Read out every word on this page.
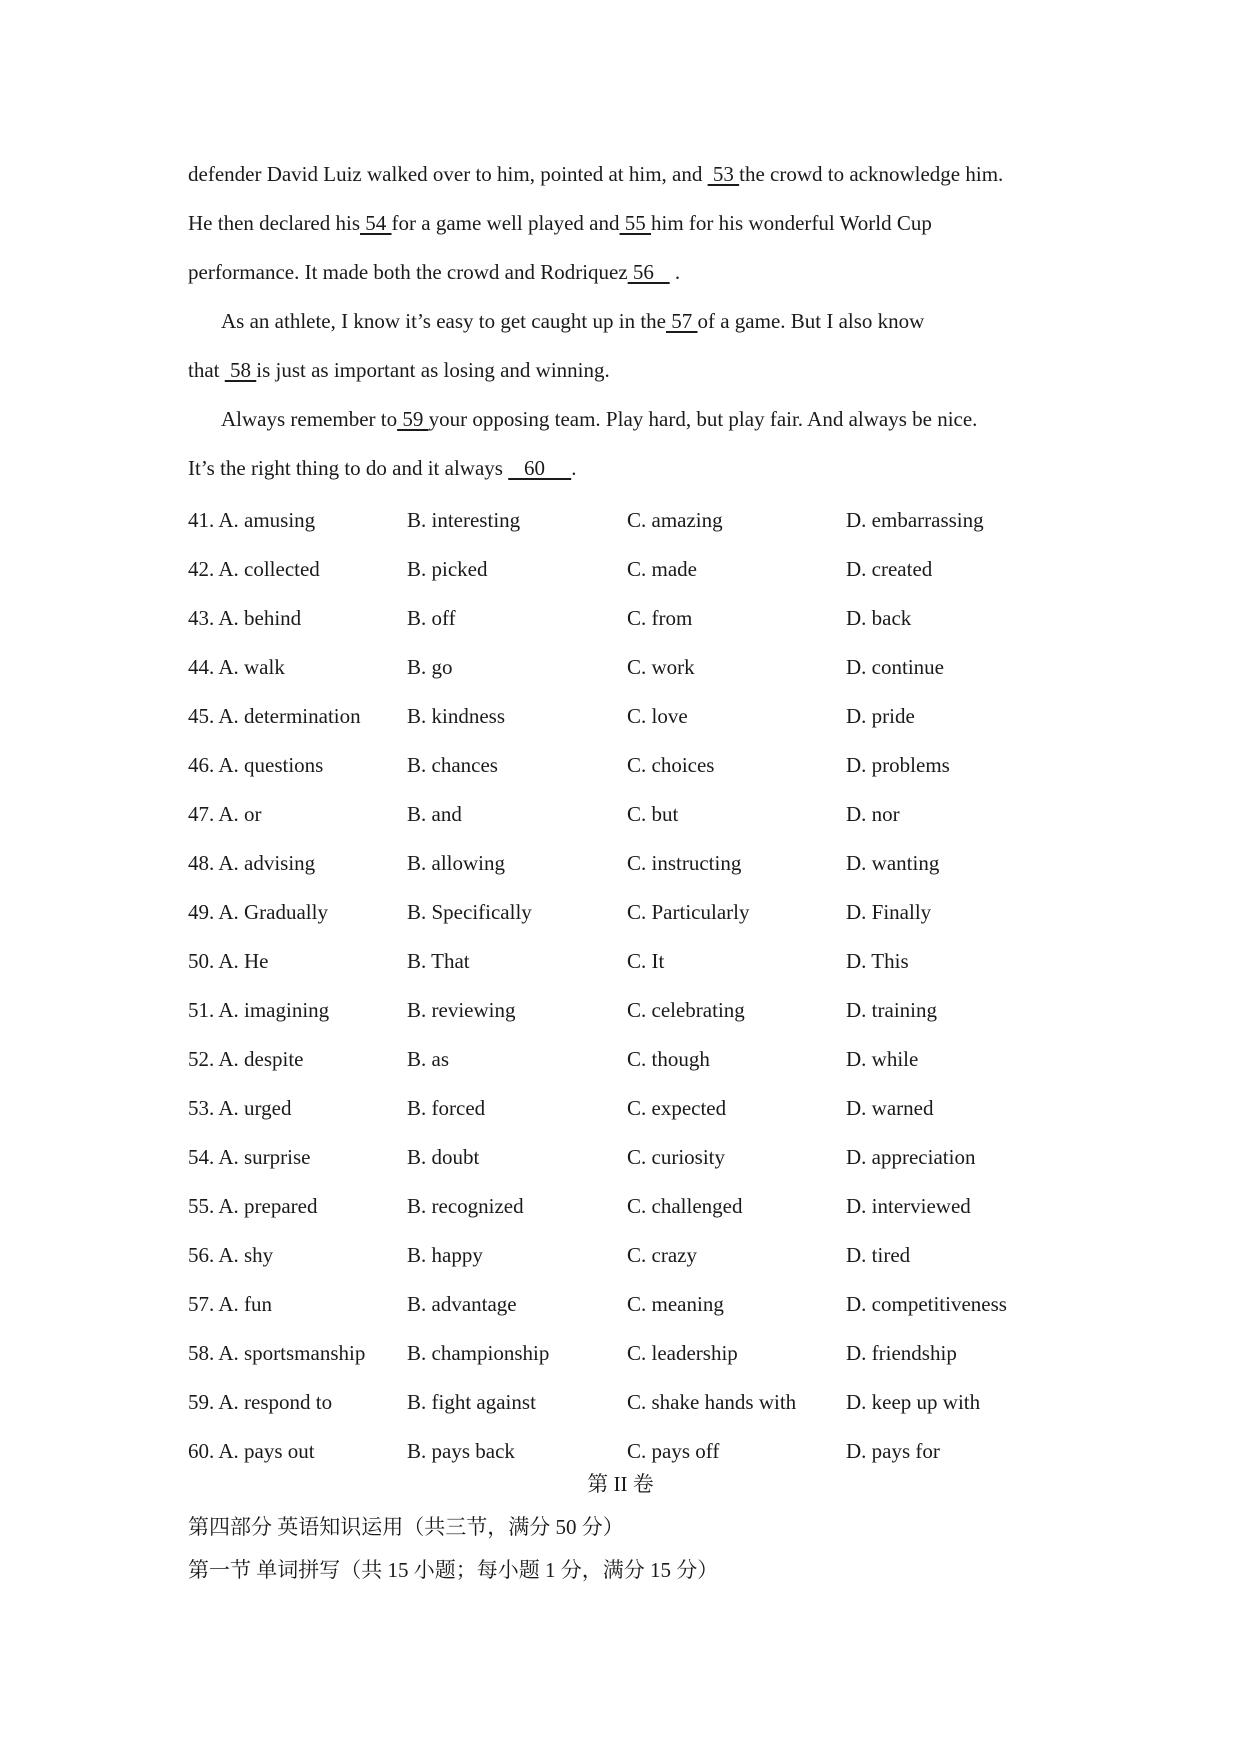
defender David Luiz walked over to him, pointed at him, and  53 the crowd to acknowledge him.
He then declared his 54 for a game well played and 55 him for his wonderful World Cup
performance. It made both the crowd and Rodriquez 56    .
As an athlete, I know it’s easy to get caught up in the 57 of a game. But I also know
that  58 is just as important as losing and winning.
Always remember to 59 your opposing team. Play hard, but play fair. And always be nice.
It’s the right thing to do and it always    60     .
41. A. amusing	B. interesting	C. amazing	D. embarrassing
42. A. collected	B. picked	C. made	D. created
43. A. behind	B. off	C. from	D. back
44. A. walk	B. go	C. work	D. continue
45. A. determination B. kindness	C. love	D. pride
46. A. questions	B. chances	C. choices	D. problems
47. A. or	B. and	C. but	D. nor
48. A. advising	B. allowing	C. instructing	D. wanting
49. A. Gradually	B. Specifically	C. Particularly	D. Finally
50. A. He	B. That	C. It	D. This
51. A. imagining	B. reviewing	C. celebrating	D. training
52. A. despite	B. as	C. though	D. while
53. A. urged	B. forced	C. expected	D. warned
54. A. surprise	B. doubt	C. curiosity	D. appreciation
55. A. prepared	B. recognized	C. challenged	D. interviewed
56. A. shy	B. happy	C. crazy	D. tired
57. A. fun	B. advantage	C. meaning	D. competitiveness
58. A. sportsmanship B. championship	C. leadership	D. friendship
59. A. respond to	B. fight against	C. shake hands with D. keep up with
60. A. pays out	B. pays back	C. pays off	D. pays for
第 II 卷
第四部分 英语知识运用（共三节，满分 50 分）
第一节 单词拼写（共 15 小题；每小题 1 分，满分 15 分）
